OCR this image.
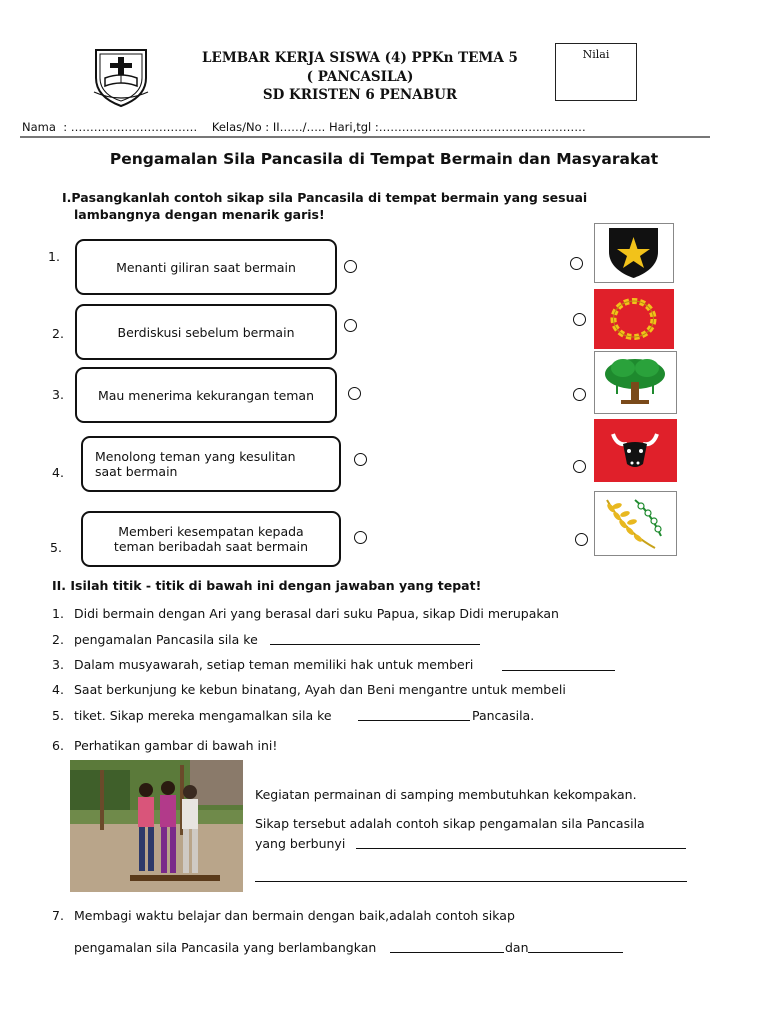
LEMBAR KERJA SISWA (4) PPKn TEMA 5
( PANCASILA)
SD KRISTEN 6 PENABUR
Nilai
Nama  : ……………………………    Kelas/No : II……/….. Hari,tgl :………………………………………………
Pengamalan Sila Pancasila di Tempat Bermain dan Masyarakat
I.Pasangkanlah contoh sikap sila Pancasila di tempat bermain yang sesuai
lambangnya dengan menarik garis!
1.
Menanti giliran saat bermain
2.	Berdiskusi sebelum bermain
3.	Mau menerima kekurangan teman
4.
Menolong teman yang kesulitan
saat bermain
5.
Memberi kesempatan kepada
teman beribadah saat bermain
II. Isilah titik - titik di bawah ini dengan jawaban yang tepat!
1. Didi bermain dengan Ari yang berasal dari suku Papua, sikap Didi merupakan
2. pengamalan Pancasila sila ke
3. Dalam musyawarah, setiap teman memiliki hak untuk memberi
4. Saat berkunjung ke kebun binatang, Ayah dan Beni mengantre untuk membeli
5. tiket. Sikap mereka mengamalkan sila ke	Pancasila.
6. Perhatikan gambar di bawah ini!
Kegiatan permainan di samping membutuhkan kekompakan.
Sikap tersebut adalah contoh sikap pengamalan sila Pancasila
yang berbunyi
7. Membagi waktu belajar dan bermain dengan baik,adalah contoh sikap
pengamalan sila Pancasila yang berlambangkan	dan
